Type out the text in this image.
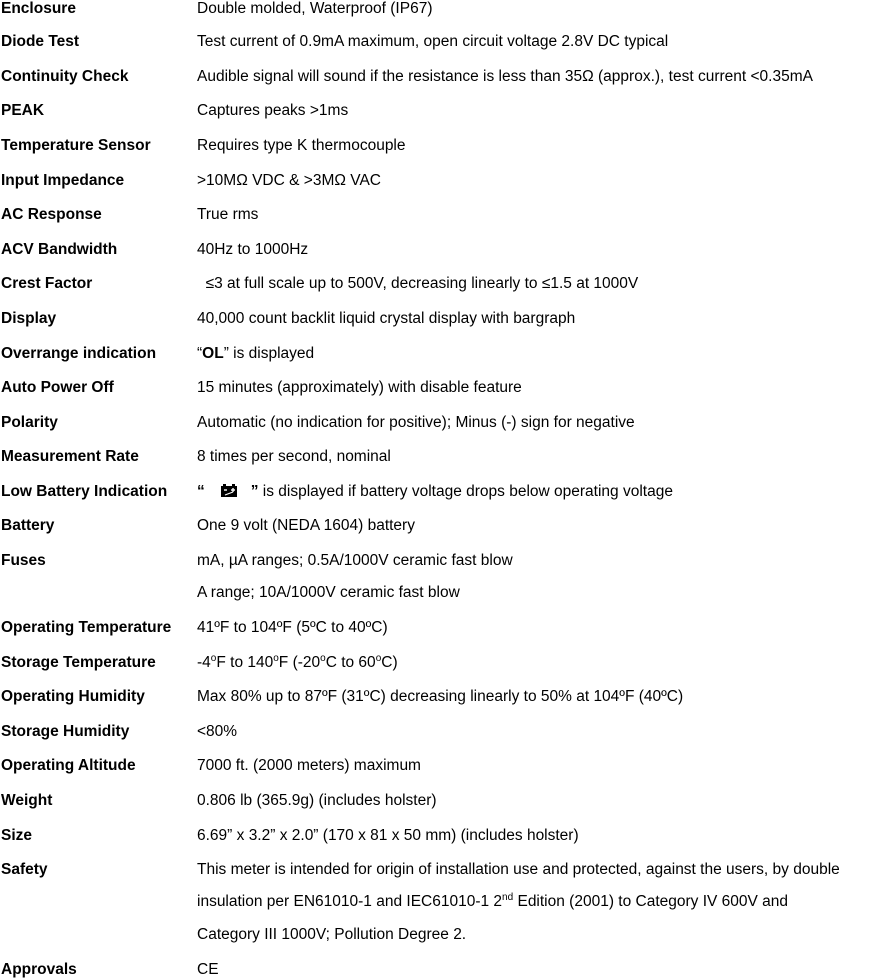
Enclosure	Double molded, Waterproof (IP67)
Diode Test	Test current of 0.9mA maximum, open circuit voltage 2.8V DC typical
Continuity Check	Audible signal will sound if the resistance is less than 35Ω (approx.), test current <0.35mA
PEAK	Captures peaks >1ms
Temperature Sensor	Requires type K thermocouple
Input Impedance	>10MΩ VDC & >3MΩ VAC
AC Response	True rms
ACV Bandwidth	40Hz to 1000Hz
Crest Factor	≤3 at full scale up to 500V, decreasing linearly to ≤1.5 at 1000V
Display	40,000 count backlit liquid crystal display with bargraph
Overrange indication	“OL” is displayed
Auto Power Off	15 minutes (approximately) with disable feature
Polarity	Automatic (no indication for positive); Minus (-) sign for negative
Measurement Rate	8 times per second, nominal
Low Battery Indication “	” is displayed if battery voltage drops below operating voltage
Battery	One 9 volt (NEDA 1604) battery
Fuses	mA, µA ranges; 0.5A/1000V ceramic fast blow
A range; 10A/1000V ceramic fast blow
Operating Temperature 41ºF to 104ºF (5ºC to 40ºC)
Storage Temperature	-4$^o$F to 140$^o$F (-20$^o$C to 60$^o$C)
Operating Humidity	Max 80% up to 87ºF (31ºC) decreasing linearly to 50% at 104ºF (40ºC)
Storage Humidity	<80%
Operating Altitude	7000 ft. (2000 meters) maximum
Weight	0.806 lb (365.9g) (includes holster)
Size	6.69” x 3.2” x 2.0” (170 x 81 x 50 mm) (includes holster)
Safety	This meter is intended for origin of installation use and protected, against the users, by double
insulation per EN61010-1 and IEC61010-1 2nd Edition (2001) to Category IV 600V and
Category III 1000V; Pollution Degree 2.
Approvals	CE
